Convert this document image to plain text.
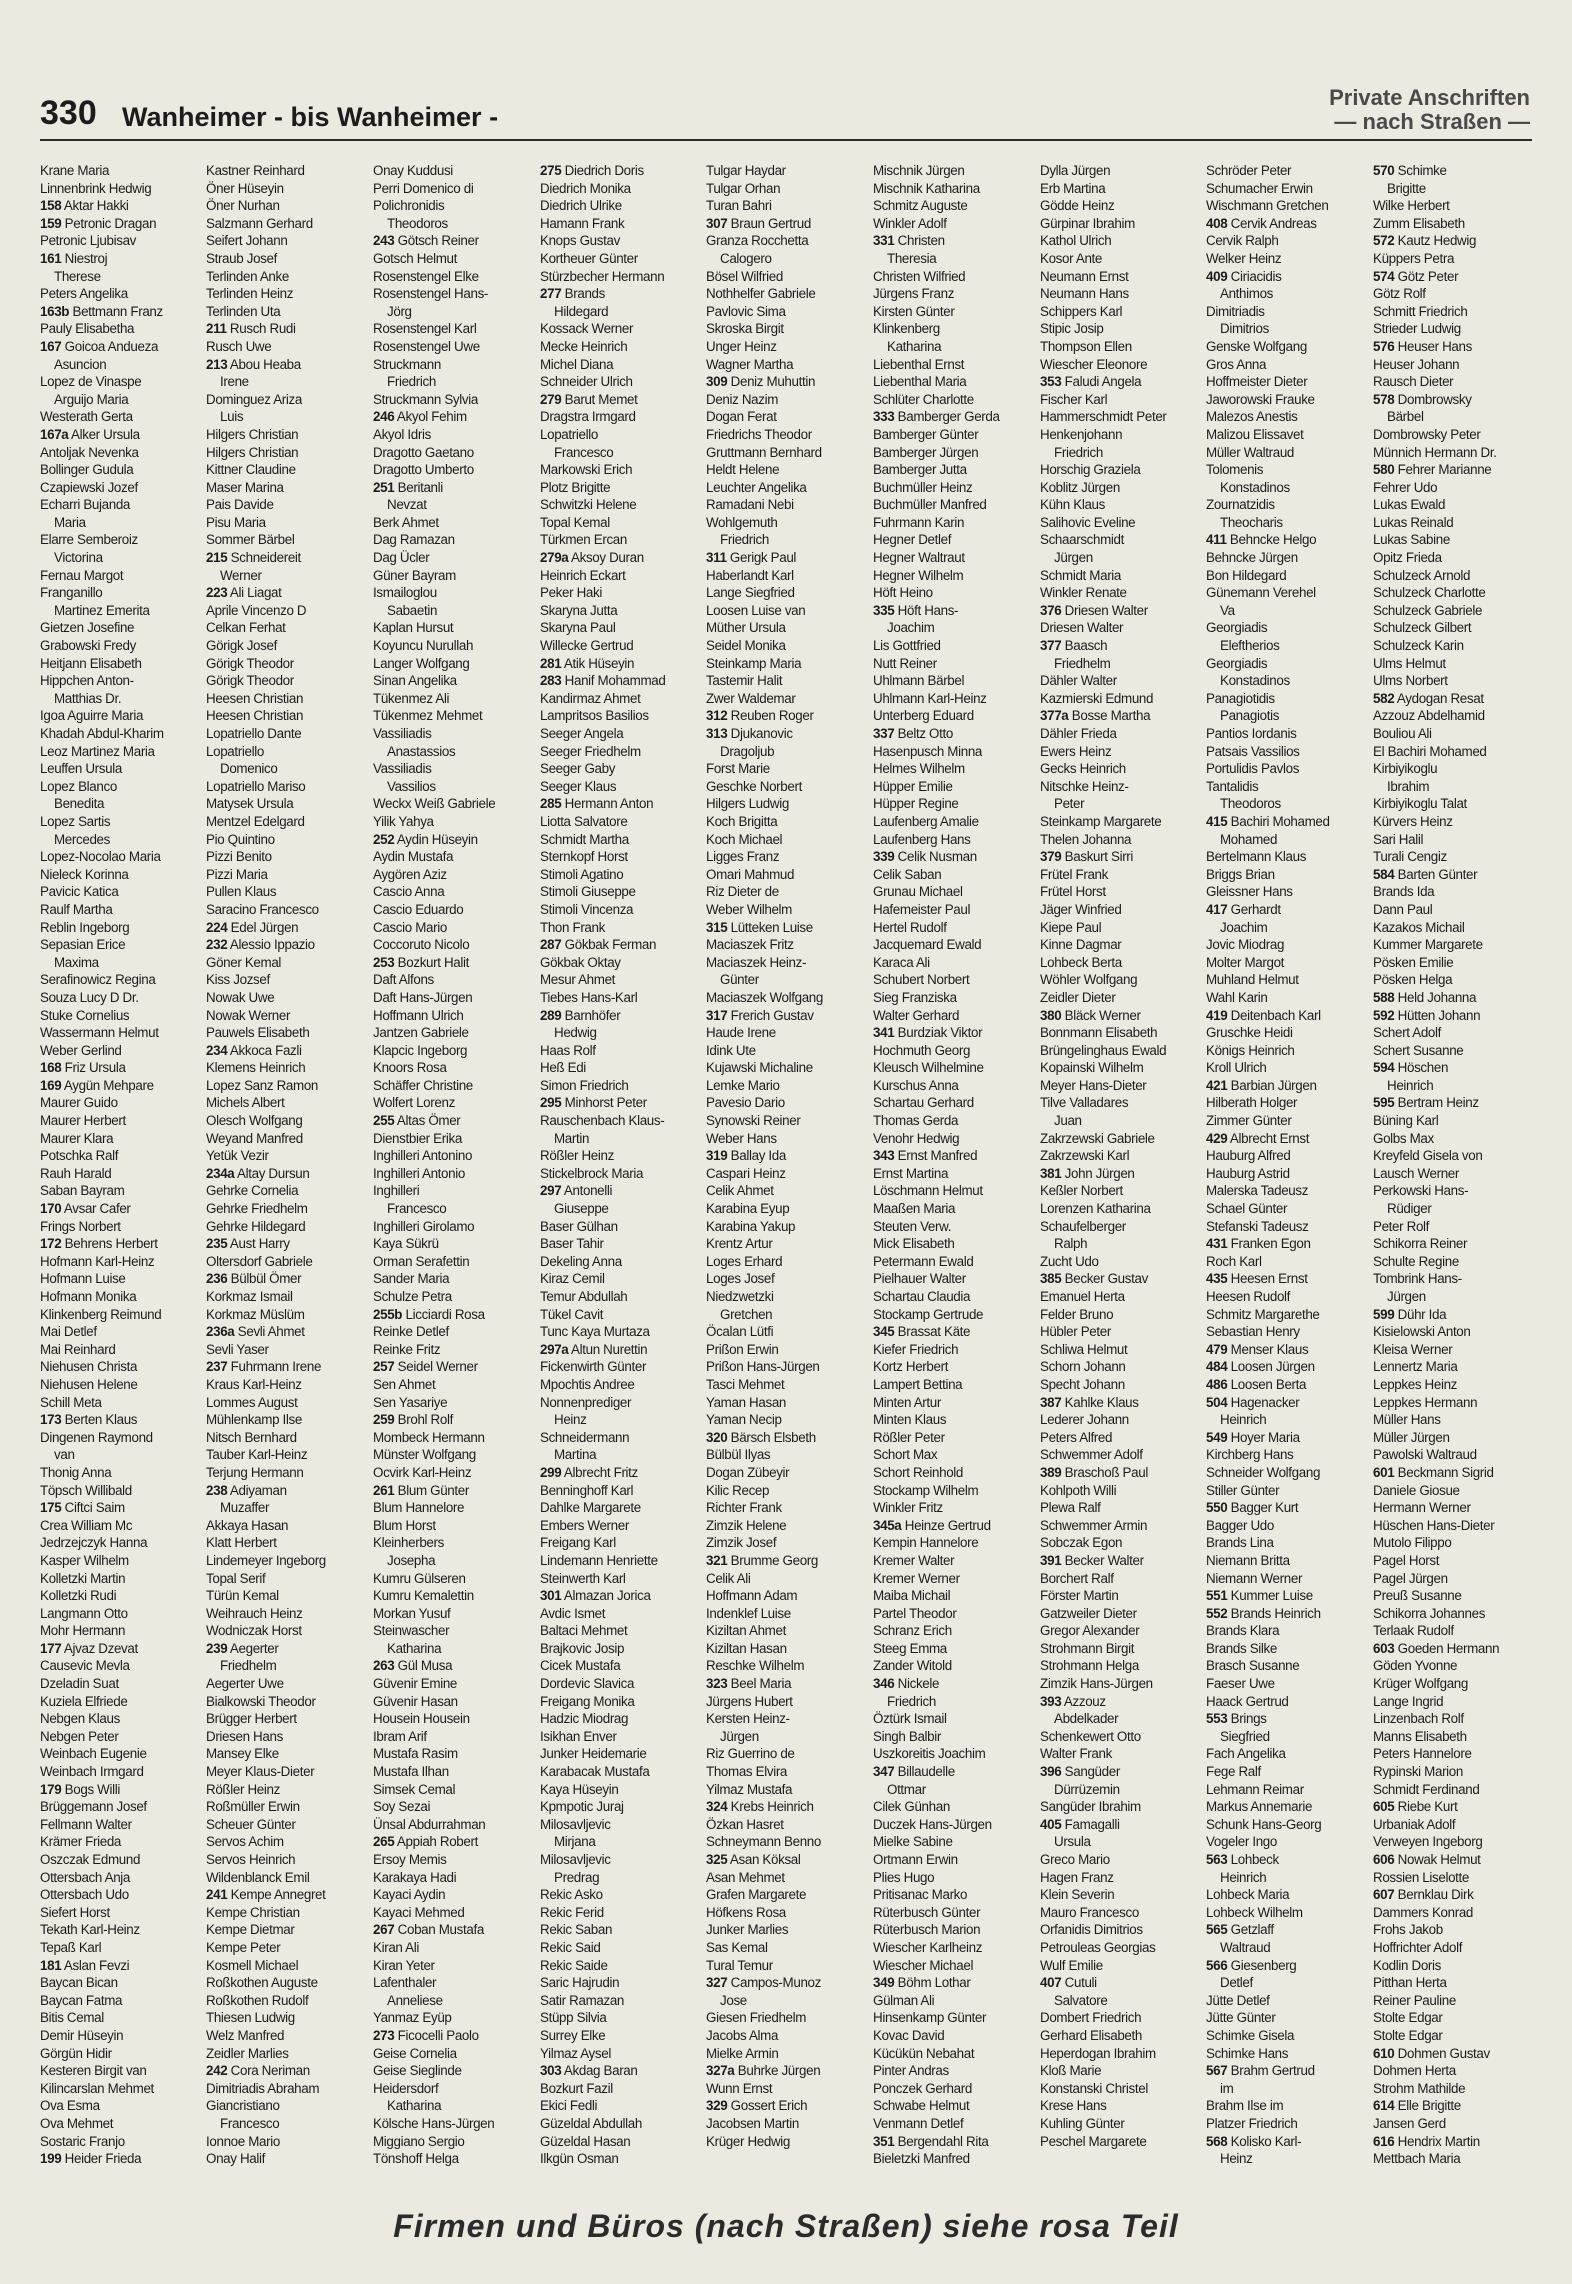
330 Wanheimer - bis Wanheimer -
Private Anschriften
— nach Straßen —
Krane Maria
Linnenbrink Hedwig
158 Aktar Hakki
159 Petronic Dragan
Petronic Ljubisav
161 Niestroj
Therese
Peters Angelika
163b Bettmann Franz
Pauly Elisabetha
167 Goicoa Andueza
Asuncion
Lopez de Vinaspe
Arguijo Maria
Westerath Gerta
167a Alker Ursula
Antoljak Nevenka
Bollinger Gudula
Czapiewski Jozef
Echarri Bujanda
Maria
Elarre Semberoiz
Victorina
Fernau Margot
Franganillo
Martinez Emerita
Gietzen Josefine
Grabowski Fredy
Heitjann Elisabeth
Hippchen Anton-
Matthias Dr.
Igoa Aguirre Maria
Khadah Abdul-Kharim
Leoz Martinez Maria
Leuffen Ursula
Lopez Blanco
Benedita
Lopez Sartis
Mercedes
Lopez-Nocolao Maria
Nieleck Korinna
Pavicic Katica
Raulf Martha
Reblin Ingeborg
Sepasian Erice
Maxima
Serafinowicz Regina
Souza Lucy D Dr.
Stuke Cornelius
Wassermann Helmut
Weber Gerlind
168 Friz Ursula
169 Aygün Mehpare
Maurer Guido
Maurer Herbert
Maurer Klara
Potschka Ralf
Rauh Harald
Saban Bayram
170 Avsar Cafer
Frings Norbert
172 Behrens Herbert
Hofmann Karl-Heinz
Hofmann Luise
Hofmann Monika
Klinkenberg Reimund
Mai Detlef
Mai Reinhard
Niehusen Christa
Niehusen Helene
Schill Meta
173 Berten Klaus
Dingenen Raymond
van
Thonig Anna
Töpsch Willibald
175 Ciftci Saim
Crea William Mc
Jedrzejczyk Hanna
Kasper Wilhelm
Kolletzki Martin
Kolletzki Rudi
Langmann Otto
Mohr Hermann
177 Ajvaz Dzevat
Causevic Mevla
Dzeladin Suat
Kuziela Elfriede
Nebgen Klaus
Nebgen Peter
Weinbach Eugenie
Weinbach Irmgard
179 Bogs Willi
Brüggemann Josef
Fellmann Walter
Krämer Frieda
Oszczak Edmund
Ottersbach Anja
Ottersbach Udo
Siefert Horst
Tekath Karl-Heinz
Tepaß Karl
181 Aslan Fevzi
Baycan Bican
Baycan Fatma
Bitis Cemal
Demir Hüseyin
Görgün Hidir
Kesteren Birgit van
Kilincarslan Mehmet
Ova Esma
Ova Mehmet
Sostaric Franjo
199 Heider Frieda
Kastner Reinhard
Öner Hüseyin
Öner Nurhan
Salzmann Gerhard
Seifert Johann
Straub Josef
Terlinden Anke
Terlinden Heinz
Terlinden Uta
211 Rusch Rudi
Rusch Uwe
213 Abou Heaba
Irene
Dominguez Ariza
Luis
Hilgers Christian
Hilgers Christian
Kittner Claudine
Maser Marina
Pais Davide
Pisu Maria
Sommer Bärbel
215 Schneidereit
Werner
223 Ali Liagat
Aprile Vincenzo D
Celkan Ferhat
Görigk Josef
Görigk Theodor
Görigk Theodor
Heesen Christian
Heesen Christian
Lopatriello Dante
Lopatriello
Domenico
Lopatriello Mariso
Matysek Ursula
Mentzel Edelgard
Pio Quintino
Pizzi Benito
Pizzi Maria
Pullen Klaus
Saracino Francesco
224 Edel Jürgen
232 Alessio Ippazio
Göner Kemal
Kiss Jozsef
Nowak Uwe
Nowak Werner
Pauwels Elisabeth
234 Akkoca Fazli
Klemens Heinrich
Lopez Sanz Ramon
Michels Albert
Olesch Wolfgang
Weyand Manfred
Yetük Vezir
234a Altay Dursun
Gehrke Cornelia
Gehrke Friedhelm
Gehrke Hildegard
235 Aust Harry
Oltersdorf Gabriele
236 Bülbül Ömer
Korkmaz Ismail
Korkmaz Müslüm
236a Sevli Ahmet
Sevli Yaser
237 Fuhrmann Irene
Kraus Karl-Heinz
Lommes August
Mühlenkamp Ilse
Nitsch Bernhard
Tauber Karl-Heinz
Terjung Hermann
238 Adiyaman
Muzaffer
Akkaya Hasan
Klatt Herbert
Lindemeyer Ingeborg
Topal Serif
Türün Kemal
Weihrauch Heinz
Wodniczak Horst
239 Aegerter
Friedhelm
Aegerter Uwe
Bialkowski Theodor
Brügger Herbert
Driesen Hans
Mansey Elke
Meyer Klaus-Dieter
Rößler Heinz
Roßmüller Erwin
Scheuer Günter
Servos Achim
Servos Heinrich
Wildenblanck Emil
241 Kempe Annegret
Kempe Christian
Kempe Dietmar
Kempe Peter
Kosmell Michael
Roßkothen Auguste
Roßkothen Rudolf
Thiesen Ludwig
Welz Manfred
Zeidler Marlies
242 Cora Neriman
Dimitriadis Abraham
Giancristiano
Francesco
Ionnoe Mario
Onay Halif
Onay Kuddusi
Perri Domenico di
Polichronidis
Theodoros
243 Götsch Reiner
Gotsch Helmut
Rosenstengel Elke
Rosenstengel Hans-
Jörg
Rosenstengel Karl
Rosenstengel Uwe
Struckmann
Friedrich
Struckmann Sylvia
246 Akyol Fehim
Akyol Idris
Dragotto Gaetano
Dragotto Umberto
251 Beritanli
Nevzat
Berk Ahmet
Dag Ramazan
Dag Ücler
Güner Bayram
Ismailoglou
Sabaetin
Kaplan Hursut
Koyuncu Nurullah
Langer Wolfgang
Sinan Angelika
Tükenmez Ali
Tükenmez Mehmet
Vassiliadis
Anastassios
Vassiliadis
Vassilios
Weckx Weiß Gabriele
Yilik Yahya
252 Aydin Hüseyin
Aydin Mustafa
Aygören Aziz
Cascio Anna
Cascio Eduardo
Cascio Mario
Coccoruto Nicolo
253 Bozkurt Halit
Daft Alfons
Daft Hans-Jürgen
Hoffmann Ulrich
Jantzen Gabriele
Klapcic Ingeborg
Knoors Rosa
Schäffer Christine
Wolfert Lorenz
255 Altas Ömer
Dienstbier Erika
Inghilleri Antonino
Inghilleri Antonio
Inghilleri
Francesco
Inghilleri Girolamo
Kaya Sükrü
Orman Serafettin
Sander Maria
Schulze Petra
255b Licciardi Rosa
Reinke Detlef
Reinke Fritz
257 Seidel Werner
Sen Ahmet
Sen Yasariye
259 Brohl Rolf
Mombeck Hermann
Münster Wolfgang
Ocvirk Karl-Heinz
261 Blum Günter
Blum Hannelore
Blum Horst
Kleinherbers
Josepha
Kumru Gülseren
Kumru Kemalettin
Morkan Yusuf
Steinwascher
Katharina
263 Gül Musa
Güvenir Emine
Güvenir Hasan
Housein Housein
Ibram Arif
Mustafa Rasim
Mustafa Ilhan
Simsek Cemal
Soy Sezai
Ünsal Abdurrahman
265 Appiah Robert
Ersoy Memis
Karakaya Hadi
Kayaci Aydin
Kayaci Mehmed
267 Coban Mustafa
Kiran Ali
Kiran Yeter
Lafenthaler
Anneliese
Yanmaz Eyüp
273 Ficocelli Paolo
Geise Cornelia
Geise Sieglinde
Heidersdorf
Katharina
Kölsche Hans-Jürgen
Miggiano Sergio
Tönshoff Helga
275 Diedrich Doris
Diedrich Monika
Diedrich Ulrike
Hamann Frank
Knops Gustav
Kortheuer Günter
Stürzbecher Hermann
277 Brands
Hildegard
Kossack Werner
Mecke Heinrich
Michel Diana
Schneider Ulrich
279 Barut Memet
Dragstra Irmgard
Lopatriello
Francesco
Markowski Erich
Plotz Brigitte
Schwitzki Helene
Topal Kemal
Türkmen Ercan
279a Aksoy Duran
Heinrich Eckart
Peker Haki
Skaryna Jutta
Skaryna Paul
Willecke Gertrud
281 Atik Hüseyin
283 Hanif Mohammad
Kandirmaz Ahmet
Lampritsos Basilios
Seeger Angela
Seeger Friedhelm
Seeger Gaby
Seeger Klaus
285 Hermann Anton
Liotta Salvatore
Schmidt Martha
Sternkopf Horst
Stimoli Agatino
Stimoli Giuseppe
Stimoli Vincenza
Thon Frank
287 Gökbak Ferman
Gökbak Oktay
Mesur Ahmet
Tiebes Hans-Karl
289 Barnhöfer
Hedwig
Haas Rolf
Heß Edi
Simon Friedrich
295 Minhorst Peter
Rauschenbach Klaus-
Martin
Rößler Heinz
Stickelbrock Maria
297 Antonelli
Giuseppe
Baser Gülhan
Baser Tahir
Dekeling Anna
Kiraz Cemil
Temur Abdullah
Tükel Cavit
Tunc Kaya Murtaza
297a Altun Nurettin
Fickenwirth Günter
Mpochtis Andree
Nonnenprediger
Heinz
Schneidermann
Martina
299 Albrecht Fritz
Benninghoff Karl
Dahlke Margarete
Embers Werner
Freigang Karl
Lindemann Henriette
Steinwerth Karl
301 Almazan Jorica
Avdic Ismet
Baltaci Mehmet
Brajkovic Josip
Cicek Mustafa
Dordevic Slavica
Freigang Monika
Hadzic Miodrag
Isikhan Enver
Junker Heidemarie
Karabacak Mustafa
Kaya Hüseyin
Kpmpotic Juraj
Milosavljevic
Mirjana
Milosavljevic
Predrag
Rekic Asko
Rekic Ferid
Rekic Saban
Rekic Said
Rekic Saide
Saric Hajrudin
Satir Ramazan
Stüpp Silvia
Surrey Elke
Yilmaz Aysel
303 Akdag Baran
Bozkurt Fazil
Ekici Fedli
Güzeldal Abdullah
Güzeldal Hasan
Ilkgün Osman
Tulgar Haydar
Tulgar Orhan
Turan Bahri
307 Braun Gertrud
Granza Rocchetta
Calogero
Bösel Wilfried
Nothhelfer Gabriele
Pavlovic Sima
Skroska Birgit
Unger Heinz
Wagner Martha
309 Deniz Muhuttin
Deniz Nazim
Dogan Ferat
Friedrichs Theodor
Gruttmann Bernhard
Heldt Helene
Leuchter Angelika
Ramadani Nebi
Wohlgemuth
Friedrich
311 Gerigk Paul
Haberlandt Karl
Lange Siegfried
Loosen Luise van
Müther Ursula
Seidel Monika
Steinkamp Maria
Tastemir Halit
Zwer Waldemar
312 Reuben Roger
313 Djukanovic
Dragoljub
Forst Marie
Geschke Norbert
Hilgers Ludwig
Koch Brigitta
Koch Michael
Ligges Franz
Omari Mahmud
Riz Dieter de
Weber Wilhelm
315 Lütteken Luise
Maciaszek Fritz
Maciaszek Heinz-
Günter
Maciaszek Wolfgang
317 Frerich Gustav
Haude Irene
Idink Ute
Kujawski Michaline
Lemke Mario
Pavesio Dario
Synowski Reiner
Weber Hans
319 Ballay Ida
Caspari Heinz
Celik Ahmet
Karabina Eyup
Karabina Yakup
Krentz Artur
Loges Erhard
Loges Josef
Niedzwetzki
Gretchen
Öcalan Lütfi
Prißon Erwin
Prißon Hans-Jürgen
Tasci Mehmet
Yaman Hasan
Yaman Necip
320 Bärsch Elsbeth
Bülbül Ilyas
Dogan Zübeyir
Kilic Recep
Richter Frank
Zimzik Helene
Zimzik Josef
321 Brumme Georg
Celik Ali
Hoffmann Adam
Indenklef Luise
Kiziltan Ahmet
Kiziltan Hasan
Reschke Wilhelm
323 Beel Maria
Jürgens Hubert
Kersten Heinz-
Jürgen
Riz Guerrino de
Thomas Elvira
Yilmaz Mustafa
324 Krebs Heinrich
Özkan Hasret
Schneymann Benno
325 Asan Köksal
Asan Mehmet
Grafen Margarete
Höfkens Rosa
Junker Marlies
Sas Kemal
Tural Temur
327 Campos-Munoz
Jose
Giesen Friedhelm
Jacobs Alma
Mielke Armin
327a Buhrke Jürgen
Wunn Ernst
329 Gossert Erich
Jacobsen Martin
Krüger Hedwig
Mischnik Jürgen
Mischnik Katharina
Schmitz Auguste
Winkler Adolf
331 Christen
Theresia
Christen Wilfried
Jürgens Franz
Kirsten Günter
Klinkenberg
Katharina
Liebenthal Ernst
Liebenthal Maria
Schlüter Charlotte
333 Bamberger Gerda
Bamberger Günter
Bamberger Jürgen
Bamberger Jutta
Buchmüller Heinz
Buchmüller Manfred
Fuhrmann Karin
Hegner Detlef
Hegner Waltraut
Hegner Wilhelm
Höft Heino
335 Höft Hans-
Joachim
Lis Gottfried
Nutt Reiner
Uhlmann Bärbel
Uhlmann Karl-Heinz
Unterberg Eduard
337 Beltz Otto
Hasenpusch Minna
Helmes Wilhelm
Hüpper Emilie
Hüpper Regine
Laufenberg Amalie
Laufenberg Hans
339 Celik Nusman
Celik Saban
Grunau Michael
Hafemeister Paul
Hertel Rudolf
Jacquemard Ewald
Karaca Ali
Schubert Norbert
Sieg Franziska
Walter Gerhard
341 Burdziak Viktor
Hochmuth Georg
Kleusch Wilhelmine
Kurschus Anna
Schartau Gerhard
Thomas Gerda
Venohr Hedwig
343 Ernst Manfred
Ernst Martina
Löschmann Helmut
Maaßen Maria
Steuten Verw.
Mick Elisabeth
Petermann Ewald
Pielhauer Walter
Schartau Claudia
Stockamp Gertrude
345 Brassat Käte
Kiefer Friedrich
Kortz Herbert
Lampert Bettina
Minten Artur
Minten Klaus
Rößler Peter
Schort Max
Schort Reinhold
Stockamp Wilhelm
Winkler Fritz
345a Heinze Gertrud
Kempin Hannelore
Kremer Walter
Kremer Werner
Maiba Michail
Partel Theodor
Schranz Erich
Steeg Emma
Zander Witold
346 Nickele
Friedrich
Öztürk Ismail
Singh Balbir
Uszkoreitis Joachim
347 Billaudelle
Ottmar
Cilek Günhan
Duczek Hans-Jürgen
Mielke Sabine
Ortmann Erwin
Plies Hugo
Pritisanac Marko
Rüterbusch Günter
Rüterbusch Marion
Wiescher Karlheinz
Wiescher Michael
349 Böhm Lothar
Gülman Ali
Hinsenkamp Günter
Kovac David
Kücükün Nebahat
Pinter Andras
Ponczek Gerhard
Schwabe Helmut
Venmann Detlef
351 Bergendahl Rita
Bieletzki Manfred
Dylla Jürgen
Erb Martina
Gödde Heinz
Gürpinar Ibrahim
Kathol Ulrich
Kosor Ante
Neumann Ernst
Neumann Hans
Schippers Karl
Stipic Josip
Thompson Ellen
Wiescher Eleonore
353 Faludi Angela
Fischer Karl
Hammerschmidt Peter
Henkenjohann
Friedrich
Horschig Graziela
Koblitz Jürgen
Kühn Klaus
Salihovic Eveline
Schaarschmidt
Jürgen
Schmidt Maria
Winkler Renate
376 Driesen Walter
Driesen Walter
377 Baasch
Friedhelm
Dähler Walter
Kazmierski Edmund
377a Bosse Martha
Dähler Frieda
Ewers Heinz
Gecks Heinrich
Nitschke Heinz-
Peter
Steinkamp Margarete
Thelen Johanna
379 Baskurt Sirri
Frütel Frank
Frütel Horst
Jäger Winfried
Kiepe Paul
Kinne Dagmar
Lohbeck Berta
Wöhler Wolfgang
Zeidler Dieter
380 Bläck Werner
Bonnmann Elisabeth
Brüngelinghaus Ewald
Kopainski Wilhelm
Meyer Hans-Dieter
Tilve Valladares
Juan
Zakrzewski Gabriele
Zakrzewski Karl
381 John Jürgen
Keßler Norbert
Lorenzen Katharina
Schaufelberger
Ralph
Zucht Udo
385 Becker Gustav
Emanuel Herta
Felder Bruno
Hübler Peter
Schliwa Helmut
Schorn Johann
Specht Johann
387 Kahlke Klaus
Lederer Johann
Peters Alfred
Schwemmer Adolf
389 Braschoß Paul
Kohlpoth Willi
Plewa Ralf
Schwemmer Armin
Sobczak Egon
391 Becker Walter
Borchert Ralf
Förster Martin
Gatzweiler Dieter
Gregor Alexander
Strohmann Birgit
Strohmann Helga
Zimzik Hans-Jürgen
393 Azzouz
Abdelkader
Schenkewert Otto
Walter Frank
396 Sangüder
Dürrüzemin
Sangüder Ibrahim
405 Famagalli
Ursula
Greco Mario
Hagen Franz
Klein Severin
Mauro Francesco
Orfanidis Dimitrios
Petrouleas Georgias
Wulf Emilie
407 Cutuli
Salvatore
Dombert Friedrich
Gerhard Elisabeth
Heperdogan Ibrahim
Kloß Marie
Konstanski Christel
Krese Hans
Kuhling Günter
Peschel Margarete
Schröder Peter
Schumacher Erwin
Wischmann Gretchen
408 Cervik Andreas
Cervik Ralph
Welker Heinz
409 Ciriacidis
Anthimos
Dimitriadis
Dimitrios
Genske Wolfgang
Gros Anna
Hoffmeister Dieter
Jaworowski Frauke
Malezos Anestis
Malizou Elissavet
Müller Waltraud
Tolomenis
Konstadinos
Zournatzidis
Theocharis
411 Behncke Helgo
Behncke Jürgen
Bon Hildegard
Günemann Verehel
Va
Georgiadis
Eleftherios
Georgiadis
Konstadinos
Panagiotidis
Panagiotis
Pantios Iordanis
Patsais Vassilios
Portulidis Pavlos
Tantalidis
Theodoros
415 Bachiri Mohamed
Mohamed
Bertelmann Klaus
Briggs Brian
Gleissner Hans
417 Gerhardt
Joachim
Jovic Miodrag
Molter Margot
Muhland Helmut
Wahl Karin
419 Deitenbach Karl
Gruschke Heidi
Königs Heinrich
Kroll Ulrich
421 Barbian Jürgen
Hilberath Holger
Zimmer Günter
429 Albrecht Ernst
Hauburg Alfred
Hauburg Astrid
Malerska Tadeusz
Schael Günter
Stefanski Tadeusz
431 Franken Egon
Roch Karl
435 Heesen Ernst
Heesen Rudolf
Schmitz Margarethe
Sebastian Henry
479 Menser Klaus
484 Loosen Jürgen
486 Loosen Berta
504 Hagenacker
Heinrich
549 Hoyer Maria
Kirchberg Hans
Schneider Wolfgang
Stiller Günter
550 Bagger Kurt
Bagger Udo
Brands Lina
Niemann Britta
Niemann Werner
551 Kummer Luise
552 Brands Heinrich
Brands Klara
Brands Silke
Brasch Susanne
Faeser Uwe
Haack Gertrud
553 Brings
Siegfried
Fach Angelika
Fege Ralf
Lehmann Reimar
Markus Annemarie
Schunk Hans-Georg
Vogeler Ingo
563 Lohbeck
Heinrich
Lohbeck Maria
Lohbeck Wilhelm
565 Getzlaff
Waltraud
566 Giesenberg
Detlef
Jütte Detlef
Jütte Günter
Schimke Gisela
Schimke Hans
567 Brahm Gertrud
im
Brahm Ilse im
Platzer Friedrich
568 Kolisko Karl-
Heinz
570 Schimke
Brigitte
Wilke Herbert
Zumm Elisabeth
572 Kautz Hedwig
Küppers Petra
574 Götz Peter
Götz Rolf
Schmitt Friedrich
Strieder Ludwig
576 Heuser Hans
Heuser Johann
Rausch Dieter
578 Dombrowsky
Bärbel
Dombrowsky Peter
Münnich Hermann Dr.
580 Fehrer Marianne
Fehrer Udo
Lukas Ewald
Lukas Reinald
Lukas Sabine
Opitz Frieda
Schulzeck Arnold
Schulzeck Charlotte
Schulzeck Gabriele
Schulzeck Gilbert
Schulzeck Karin
Ulms Helmut
Ulms Norbert
582 Aydogan Resat
Azzouz Abdelhamid
Bouliou Ali
El Bachiri Mohamed
Kirbiyikoglu
Ibrahim
Kirbiyikoglu Talat
Kürvers Heinz
Sari Halil
Turali Cengiz
584 Barten Günter
Brands Ida
Dann Paul
Kazakos Michail
Kummer Margarete
Pösken Emilie
Pösken Helga
588 Held Johanna
592 Hütten Johann
Schert Adolf
Schert Susanne
594 Höschen
Heinrich
595 Bertram Heinz
Büning Karl
Golbs Max
Kreyfeld Gisela von
Lausch Werner
Perkowski Hans-
Rüdiger
Peter Rolf
Schikorra Reiner
Schulte Regine
Tombrink Hans-
Jürgen
599 Dühr Ida
Kisielowski Anton
Kleisa Werner
Lennertz Maria
Leppkes Heinz
Leppkes Hermann
Müller Hans
Müller Jürgen
Pawolski Waltraud
601 Beckmann Sigrid
Daniele Giosue
Hermann Werner
Hüschen Hans-Dieter
Mutolo Filippo
Pagel Horst
Pagel Jürgen
Preuß Susanne
Schikorra Johannes
Terlaak Rudolf
603 Goeden Hermann
Göden Yvonne
Krüger Wolfgang
Lange Ingrid
Linzenbach Rolf
Manns Elisabeth
Peters Hannelore
Rypinski Marion
Schmidt Ferdinand
605 Riebe Kurt
Urbaniak Adolf
Verweyen Ingeborg
606 Nowak Helmut
Rossien Liselotte
607 Bernklau Dirk
Dammers Konrad
Frohs Jakob
Hoffrichter Adolf
Kodlin Doris
Pitthan Herta
Reiner Pauline
Stolte Edgar
Stolte Edgar
610 Dohmen Gustav
Dohmen Herta
Strohm Mathilde
614 Elle Brigitte
Jansen Gerd
616 Hendrix Martin
Mettbach Maria
Firmen und Büros (nach Straßen) siehe rosa Teil
